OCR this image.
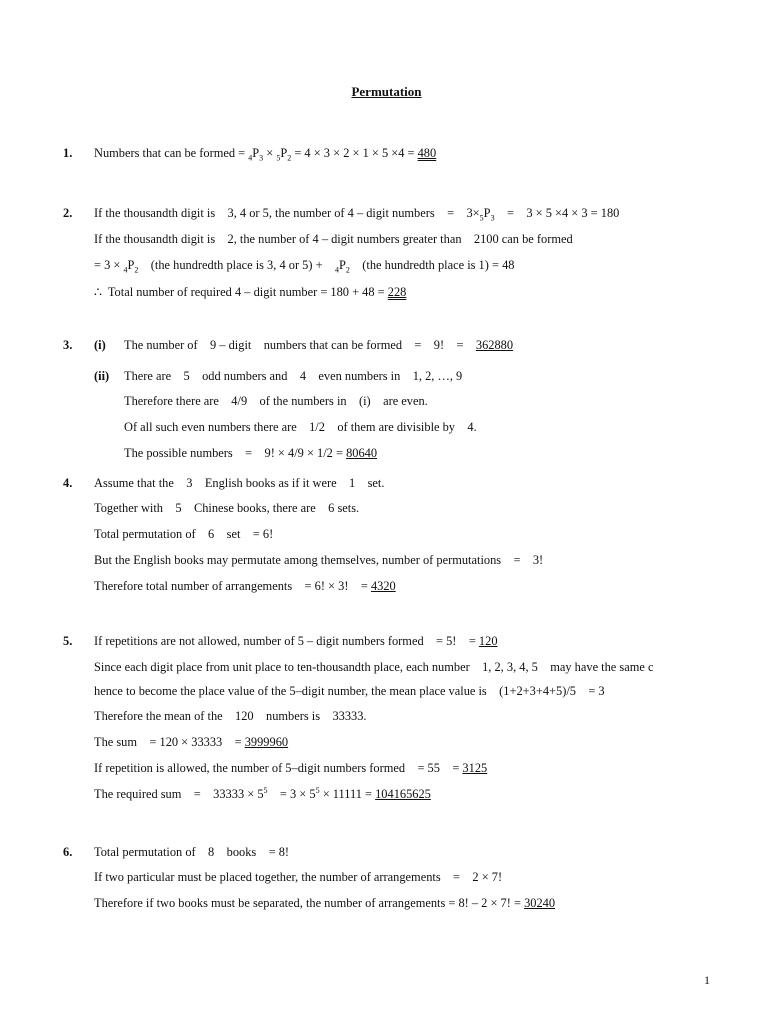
Permutation
1. Numbers that can be formed = $_4P_3 \times _5P_2 = 4 \times 3 \times 2 \times 1 \times 5 \times 4 = 480$
2. If the thousandth digit is    3, 4 or 5, the number of 4 – digit numbers    =    $3\times_5P_3$    =    3 × 5 ×4 × 3 = 180
If the thousandth digit is    2, the number of 4 – digit numbers greater than    2100 can be formed
= $3 \times _4P_2$    (the hundredth place is 3, 4 or 5) +    $_4P_2$    (the hundredth place is 1) = 48
∴  Total number of required 4 – digit number = 180 + 48 = 228
3. (i) The number of    9 – digit    numbers that can be formed    =    9!    =    362880
(ii) There are    5    odd numbers and    4    even numbers in    1, 2, …, 9
Therefore there are    4/9    of the numbers in    (i)    are even.
Of all such even numbers there are    1/2    of them are divisible by    4.
The possible numbers    =    9! × 4/9 × 1/2 = 80640
4. Assume that the    3    English books as if it were    1    set.
Together with    5    Chinese books, there are    6 sets.
Total permutation of    6    set    = 6!
But the English books may permutate among themselves, number of permutations    =    3!
Therefore total number of arrangements    = 6! × 3!    = 4320
5. If repetitions are not allowed, number of 5 – digit numbers formed    = 5!    = 120
Since each digit place from unit place to ten-thousandth place, each number    1, 2, 3, 4, 5    may have the same c
hence to become the place value of the 5–digit number, the mean place value is    (1+2+3+4+5)/5    = 3
Therefore the mean of the    120    numbers is    33333.
The sum    = 120 × 33333    = 3999960
If repetition is allowed, the number of 5–digit numbers formed    = 55    = 3125
The required sum    =    $33333 \times 5^5$    = $3 \times 5^5 \times 11111 = 104165625$
6. Total permutation of    8    books    = 8!
If two particular must be placed together, the number of arrangements    =    2 × 7!
Therefore if two books must be separated, the number of arrangements = 8! – 2 × 7! = 30240
1
